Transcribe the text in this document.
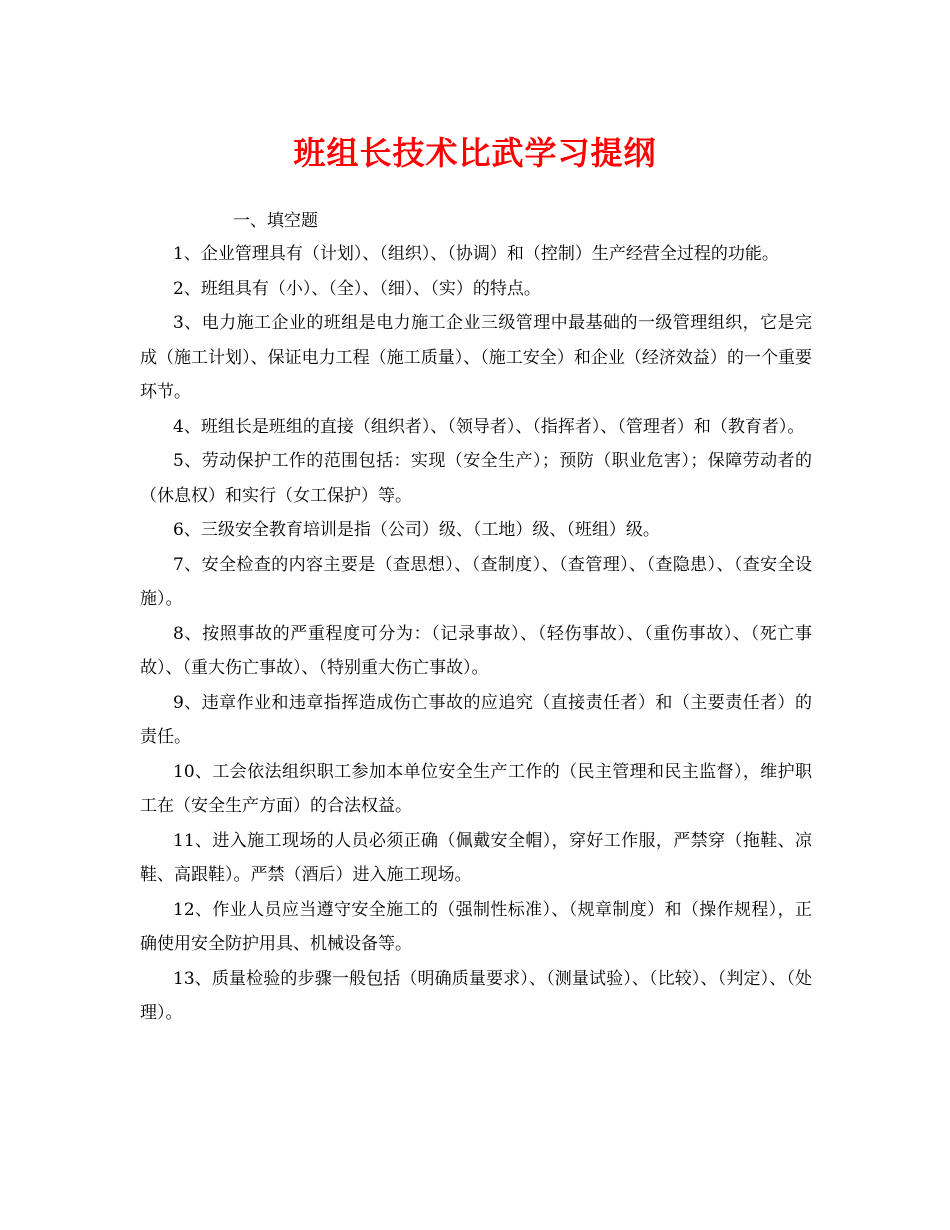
班组长技术比武学习提纲
一、填空题

1、企业管理具有（计划）、（组织）、（协调）和（控制）生产经营全过程的功能。

2、班组具有（小）、（全）、（细）、（实）的特点。

3、电力施工企业的班组是电力施工企业三级管理中最基础的一级管理组织，它是完成（施工计划）、保证电力工程（施工质量）、（施工安全）和企业（经济效益）的一个重要环节。

4、班组长是班组的直接（组织者）、（领导者）、（指挥者）、（管理者）和（教育者）。

5、劳动保护工作的范围包括：实现（安全生产）；预防（职业危害）；保障劳动者的（休息权）和实行（女工保护）等。

6、三级安全教育培训是指（公司）级、（工地）级、（班组）级。

7、安全检查的内容主要是（查思想）、（查制度）、（查管理）、（查隐患）、（查安全设施）。

8、按照事故的严重程度可分为：（记录事故）、（轻伤事故）、（重伤事故）、（死亡事故）、（重大伤亡事故）、（特别重大伤亡事故）。

9、违章作业和违章指挥造成伤亡事故的应追究（直接责任者）和（主要责任者）的责任。

10、工会依法组织职工参加本单位安全生产工作的（民主管理和民主监督），维护职工在（安全生产方面）的合法权益。

11、进入施工现场的人员必须正确（佩戴安全帽），穿好工作服，严禁穿（拖鞋、凉鞋、高跟鞋）。严禁（酒后）进入施工现场。

12、作业人员应当遵守安全施工的（强制性标准）、（规章制度）和（操作规程），正确使用安全防护用具、机械设备等。

13、质量检验的步骤一般包括（明确质量要求）、（测量试验）、（比较）、（判定）、（处理）。
